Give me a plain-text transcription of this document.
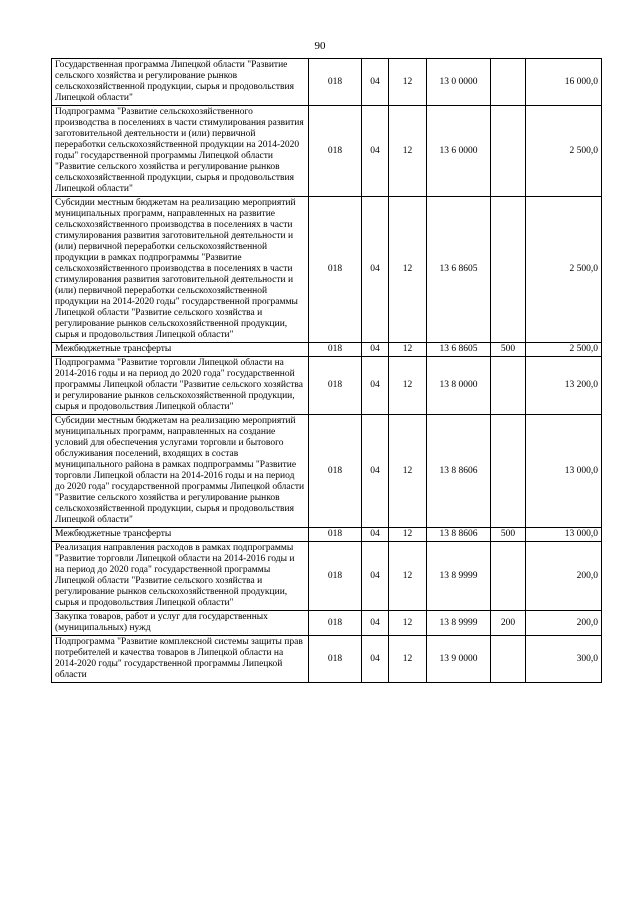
90
Государственная программа Липецкой области "Развитие сельского хозяйства и регулирование рынков сельскохозяйственной продукции, сырья и продовольствия Липецкой области"	018	04	12	13 0 0000		16 000,0
Подпрограмма "Развитие сельскохозяйственного производства в поселениях в части стимулирования развития заготовительной деятельности и (или) первичной переработки сельскохозяйственной продукции на 2014-2020 годы" государственной программы Липецкой области "Развитие сельского хозяйства и регулирование рынков сельскохозяйственной продукции, сырья и продовольствия Липецкой области"	018	04	12	13 6 0000		2 500,0
Субсидии местным бюджетам на реализацию мероприятий муниципальных программ, направленных на развитие сельскохозяйственного производства в поселениях в части стимулирования развития заготовительной деятельности и (или) первичной переработки сельскохозяйственной продукции в рамках подпрограммы "Развитие сельскохозяйственного производства в поселениях в части стимулирования развития заготовительной деятельности и (или) первичной переработки сельскохозяйственной продукции на 2014-2020 годы" государственной программы Липецкой области "Развитие сельского хозяйства и регулирование рынков сельскохозяйственной продукции, сырья и продовольствия Липецкой области"	018	04	12	13 6 8605		2 500,0
Межбюджетные трансферты	018	04	12	13 6 8605	500	2 500,0
Подпрограмма "Развитие торговли Липецкой области на 2014-2016 годы и на период до 2020 года" государственной программы Липецкой области "Развитие сельского хозяйства и регулирование рынков сельскохозяйственной продукции, сырья и продовольствия Липецкой области"	018	04	12	13 8 0000		13 200,0
Субсидии местным бюджетам на реализацию мероприятий муниципальных программ, направленных на создание условий для обеспечения услугами торговли и бытового обслуживания поселений, входящих в состав муниципального района в рамках подпрограммы "Развитие торговли Липецкой области на 2014-2016 годы и на период до 2020 года" государственной программы Липецкой области "Развитие сельского хозяйства и регулирование рынков сельскохозяйственной продукции, сырья и продовольствия Липецкой области"	018	04	12	13 8 8606		13 000,0
Межбюджетные трансферты	018	04	12	13 8 8606	500	13 000,0
Реализация направления расходов в рамках подпрограммы "Развитие торговли Липецкой области на 2014-2016 годы и на период до 2020 года" государственной программы Липецкой области "Развитие сельского хозяйства и регулирование рынков сельскохозяйственной продукции, сырья и продовольствия Липецкой области"	018	04	12	13 8 9999		200,0
Закупка товаров, работ и услуг для государственных (муниципальных) нужд	018	04	12	13 8 9999	200	200,0
Подпрограмма "Развитие комплексной системы защиты прав потребителей и качества товаров в Липецкой области на 2014-2020 годы" государственной программы Липецкой области	018	04	12	13 9 0000		300,0
